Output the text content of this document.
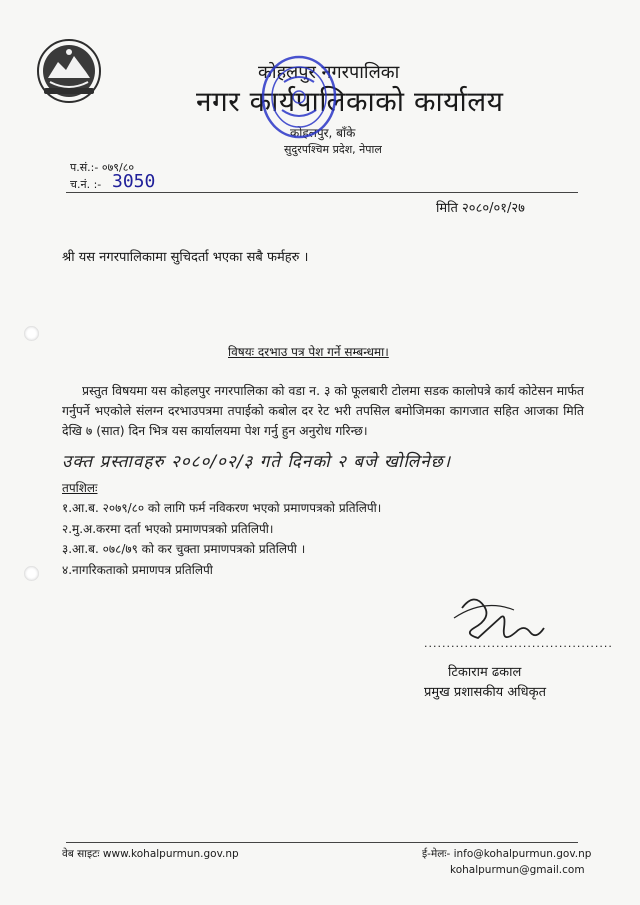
कोहलपुर नगरपालिका
नगर कार्यपालिकाको कार्यालय
कोहलपुर, बाँके
सुदुरपश्चिम प्रदेश, नेपाल
प.सं.:- ०७९/८०
च.नं. :- 3050
मिति २०८०/०१/२७
श्री यस नगरपालिकामा सुचिदर्ता भएका सबै फर्महरु ।
विषयः दरभाउ पत्र पेश गर्ने सम्बन्धमा।
प्रस्तुत विषयमा यस कोहलपुर नगरपालिका को वडा न. ३ को फूलबारी टोलमा सडक कालोपत्रे कार्य कोटेसन मार्फत गर्नुपर्ने भएकोले संलग्न दरभाउपत्रमा तपाईको कबोल दर रेट भरी तपसिल बमोजिमका कागजात सहित आजका मिति देखि ७ (सात) दिन भित्र यस कार्यालयमा पेश गर्नु हुन अनुरोध गरिन्छ।
उक्त प्रस्तावहरु २०८०/०२/३ गते दिनको २ बजे खोलिनेछ।
तपशिलः
१.आ.ब. २०७९/८० को लागि फर्म नविकरण भएको प्रमाणपत्रको प्रतिलिपी।
२.मु.अ.करमा दर्ता भएको प्रमाणपत्रको प्रतिलिपी।
३.आ.ब. ०७८/७९ को कर चुक्ता प्रमाणपत्रको प्रतिलिपी ।
४.नागरिकताको प्रमाणपत्र प्रतिलिपी
..........................................
टिकाराम ढकाल
प्रमुख प्रशासकीय अधिकृत
वेब साइटः www.kohalpurmun.gov.np	ई-मेलः- info@kohalpurmun.gov.np
kohalpurmun@gmail.com
